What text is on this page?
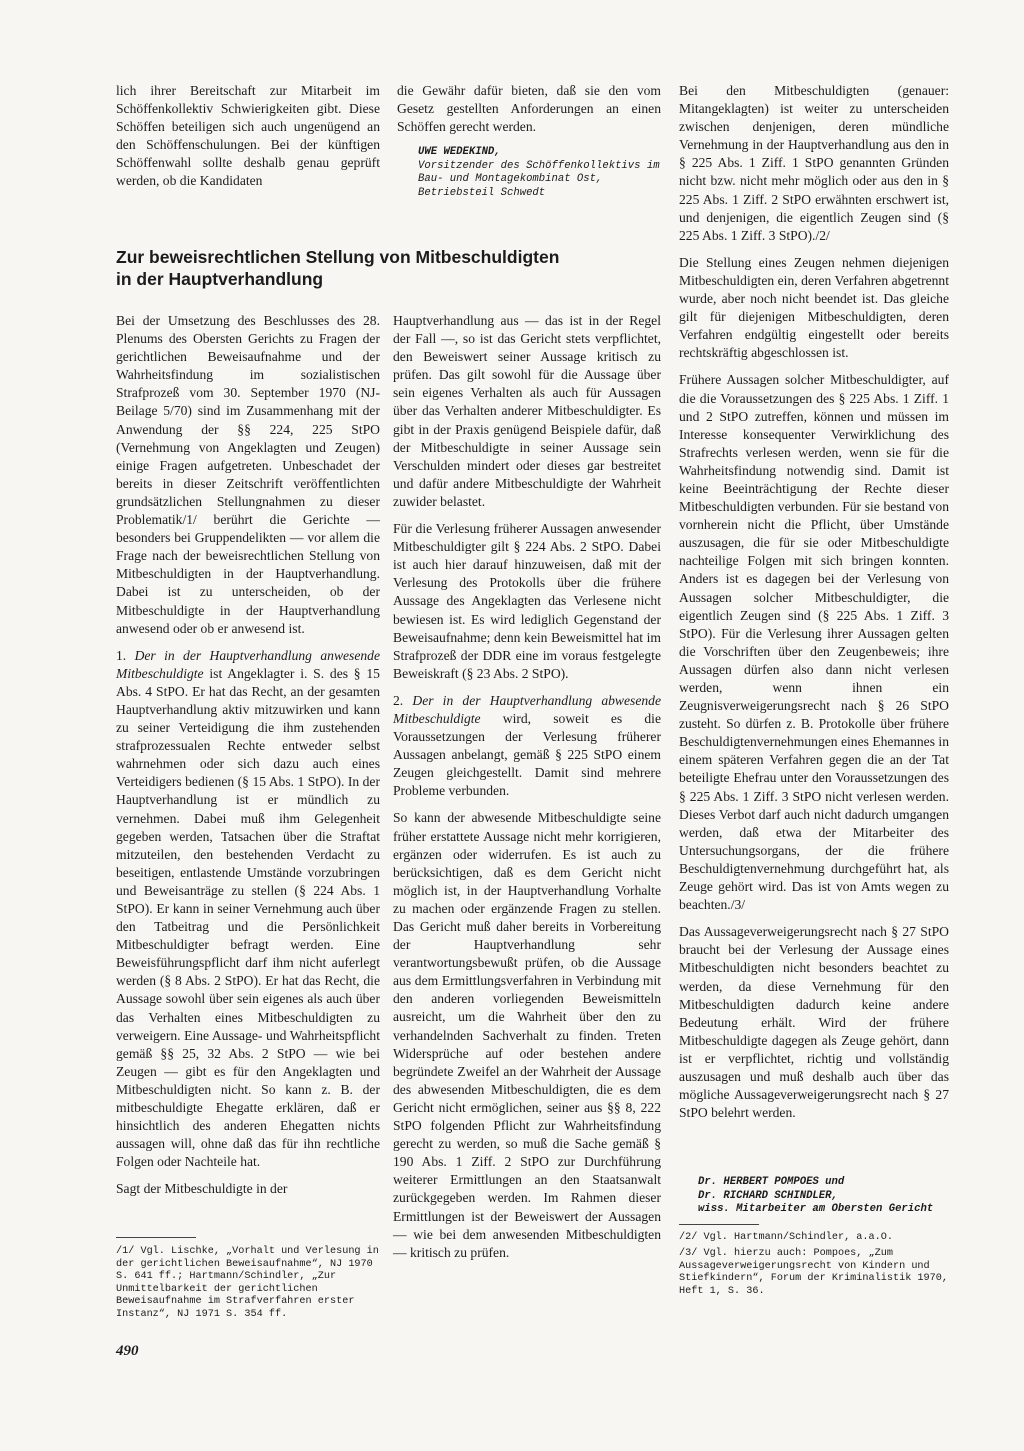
lich ihrer Bereitschaft zur Mitarbeit im Schöffenkollektiv Schwierigkeiten gibt. Diese Schöffen beteiligen sich auch ungenügend an den Schöffenschulungen. Bei der künftigen Schöffenwahl sollte deshalb genau geprüft werden, ob die Kandidaten

die Gewähr dafür bieten, daß sie den vom Gesetz gestellten Anforderungen an einen Schöffen gerecht werden.

UWE WEDEKIND,
Vorsitzender des Schöffenkollektivs im Bau- und Montagekombinat Ost, Betriebsteil Schwedt
Zur beweisrechtlichen Stellung von Mitbeschuldigten
in der Hauptverhandlung

Bei der Umsetzung des Beschlusses des 28. Plenums des Obersten Gerichts zu Fragen der gerichtlichen Beweisaufnahme und der Wahrheitsfindung im sozialistischen Strafprozeß vom 30. September 1970 (NJ-Beilage 5/70) sind im Zusammenhang mit der Anwendung der §§ 224, 225 StPO (Vernehmung von Angeklagten und Zeugen) einige Fragen aufgetreten. Unbeschadet der bereits in dieser Zeitschrift veröffentlichten grundsätzlichen Stellungnahmen zu dieser Problematik/1/ berührt die Gerichte — besonders bei Gruppendelikten — vor allem die Frage nach der beweisrechtlichen Stellung von Mitbeschuldigten in der Hauptverhandlung. Dabei ist zu unterscheiden, ob der Mitbeschuldigte in der Hauptverhandlung anwesend oder ob er anwesend ist.

1. Der in der Hauptverhandlung anwesende Mitbeschuldigte ist Angeklagter i. S. des § 15 Abs. 4 StPO. Er hat das Recht, an der gesamten Hauptverhandlung aktiv mitzuwirken und kann zu seiner Verteidigung die ihm zustehenden strafprozessualen Rechte entweder selbst wahrnehmen oder sich dazu auch eines Verteidigers bedienen (§ 15 Abs. 1 StPO). In der Hauptverhandlung ist er mündlich zu vernehmen. Dabei muß ihm Gelegenheit gegeben werden, Tatsachen über die Straftat mitzuteilen, den bestehenden Verdacht zu beseitigen, entlastende Umstände vorzubringen und Beweisanträge zu stellen (§ 224 Abs. 1 StPO). Er kann in seiner Vernehmung auch über den Tatbeitrag und die Persönlichkeit Mitbeschuldigter befragt werden. Eine Beweisführungspflicht darf ihm nicht auferlegt werden (§ 8 Abs. 2 StPO). Er hat das Recht, die Aussage sowohl über sein eigenes als auch über das Verhalten eines Mitbeschuldigten zu verweigern. Eine Aussage- und Wahrheitspflicht gemäß §§ 25, 32 Abs. 2 StPO — wie bei Zeugen — gibt es für den Angeklagten und Mitbeschuldigten nicht. So kann z. B. der mitbeschuldigte Ehegatte erklären, daß er hinsichtlich des anderen Ehegatten nichts aussagen will, ohne daß das für ihn rechtliche Folgen oder Nachteile hat.

Sagt der Mitbeschuldigte in der

Hauptverhandlung aus — das ist in der Regel der Fall —, so ist das Gericht stets verpflichtet, den Beweiswert seiner Aussage kritisch zu prüfen. Das gilt sowohl für die Aussage über sein eigenes Verhalten als auch für Aussagen über das Verhalten anderer Mitbeschuldigter. Es gibt in der Praxis genügend Beispiele dafür, daß der Mitbeschuldigte in seiner Aussage sein Verschulden mindert oder dieses gar bestreitet und dafür andere Mitbeschuldigte der Wahrheit zuwider belastet.

Für die Verlesung früherer Aussagen anwesender Mitbeschuldigter gilt § 224 Abs. 2 StPO. Dabei ist auch hier darauf hinzuweisen, daß mit der Verlesung des Protokolls über die frühere Aussage des Angeklagten das Verlesene nicht bewiesen ist. Es wird lediglich Gegenstand der Beweisaufnahme; denn kein Beweismittel hat im Strafprozeß der DDR eine im voraus festgelegte Beweiskraft (§ 23 Abs. 2 StPO).

2. Der in der Hauptverhandlung abwesende Mitbeschuldigte wird, soweit es die Voraussetzungen der Verlesung früherer Aussagen anbelangt, gemäß § 225 StPO einem Zeugen gleichgestellt. Damit sind mehrere Probleme verbunden.

So kann der abwesende Mitbeschuldigte seine früher erstattete Aussage nicht mehr korrigieren, ergänzen oder widerrufen. Es ist auch zu berücksichtigen, daß es dem Gericht nicht möglich ist, in der Hauptverhandlung Vorhalte zu machen oder ergänzende Fragen zu stellen. Das Gericht muß daher bereits in Vorbereitung der Hauptverhandlung sehr verantwortungsbewußt prüfen, ob die Aussage aus dem Ermittlungsverfahren in Verbindung mit den anderen vorliegenden Beweismitteln ausreicht, um die Wahrheit über den zu verhandelnden Sachverhalt zu finden. Treten Widersprüche auf oder bestehen andere begründete Zweifel an der Wahrheit der Aussage des abwesenden Mitbeschuldigten, die es dem Gericht nicht ermöglichen, seiner aus §§ 8, 222 StPO folgenden Pflicht zur Wahrheitsfindung gerecht zu werden, so muß die Sache gemäß § 190 Abs. 1 Ziff. 2 StPO zur Durchführung weiterer Ermittlungen an den Staatsanwalt zurückgegeben werden. Im Rahmen dieser Ermittlungen ist der Beweiswert der Aussagen — wie bei dem anwesenden Mitbeschuldigten — kritisch zu prüfen.

Bei den Mitbeschuldigten (genauer: Mitangeklagten) ist weiter zu unterscheiden zwischen denjenigen, deren mündliche Vernehmung in der Hauptverhandlung aus den in § 225 Abs. 1 Ziff. 1 StPO genannten Gründen nicht bzw. nicht mehr möglich oder aus den in § 225 Abs. 1 Ziff. 2 StPO erwähnten erschwert ist, und denjenigen, die eigentlich Zeugen sind (§ 225 Abs. 1 Ziff. 3 StPO)./2/

Die Stellung eines Zeugen nehmen diejenigen Mitbeschuldigten ein, deren Verfahren abgetrennt wurde, aber noch nicht beendet ist. Das gleiche gilt für diejenigen Mitbeschuldigten, deren Verfahren endgültig eingestellt oder bereits rechtskräftig abgeschlossen ist.

Frühere Aussagen solcher Mitbeschuldigter, auf die die Voraussetzungen des § 225 Abs. 1 Ziff. 1 und 2 StPO zutreffen, können und müssen im Interesse konsequenter Verwirklichung des Strafrechts verlesen werden, wenn sie für die Wahrheitsfindung notwendig sind. Damit ist keine Beeinträchtigung der Rechte dieser Mitbeschuldigten verbunden. Für sie bestand von vornherein nicht die Pflicht, über Umstände auszusagen, die für sie oder Mitbeschuldigte nachteilige Folgen mit sich bringen konnten. Anders ist es dagegen bei der Verlesung von Aussagen solcher Mitbeschuldigter, die eigentlich Zeugen sind (§ 225 Abs. 1 Ziff. 3 StPO). Für die Verlesung ihrer Aussagen gelten die Vorschriften über den Zeugenbeweis; ihre Aussagen dürfen also dann nicht verlesen werden, wenn ihnen ein Zeugnisverweigerungsrecht nach § 26 StPO zusteht. So dürfen z. B. Protokolle über frühere Beschuldigtenvernehmungen eines Ehemannes in einem späteren Verfahren gegen die an der Tat beteiligte Ehefrau unter den Voraussetzungen des § 225 Abs. 1 Ziff. 3 StPO nicht verlesen werden. Dieses Verbot darf auch nicht dadurch umgangen werden, daß etwa der Mitarbeiter des Untersuchungsorgans, der die frühere Beschuldigtenvernehmung durchgeführt hat, als Zeuge gehört wird. Das ist von Amts wegen zu beachten./3/

Das Aussageverweigerungsrecht nach § 27 StPO braucht bei der Verlesung der Aussage eines Mitbeschuldigten nicht besonders beachtet zu werden, da diese Vernehmung für den Mitbeschuldigten dadurch keine andere Bedeutung erhält. Wird der frühere Mitbeschuldigte dagegen als Zeuge gehört, dann ist er verpflichtet, richtig und vollständig auszusagen und muß deshalb auch über das mögliche Aussageverweigerungsrecht nach § 27 StPO belehrt werden.

Dr. HERBERT POMPOES und
Dr. RICHARD SCHINDLER,
wiss. Mitarbeiter am Obersten Gericht
/1/ Vgl. Lischke, „Vorhalt und Verlesung in der gerichtlichen Beweisaufnahme“, NJ 1970 S. 641 ff.; Hartmann/Schindler, „Zur Unmittelbarkeit der gerichtlichen Beweisaufnahme im Strafverfahren erster Instanz“, NJ 1971 S. 354 ff.
/2/ Vgl. Hartmann/Schindler, a.a.O.
/3/ Vgl. hierzu auch: Pompoes, „Zum Aussageverweigerungsrecht von Kindern und Stiefkindern“, Forum der Kriminalistik 1970, Heft 1, S. 36.
490
